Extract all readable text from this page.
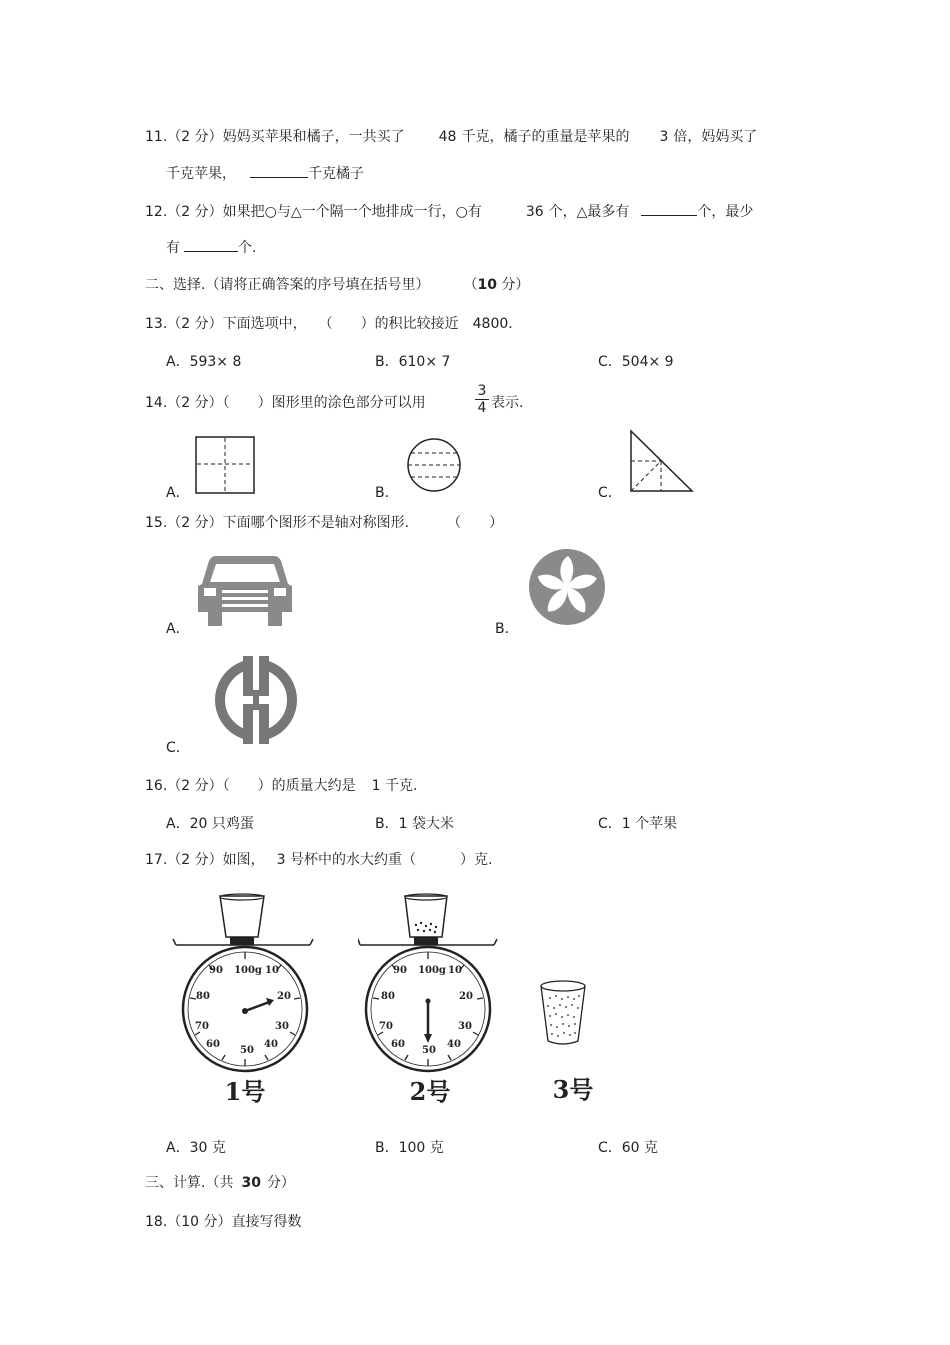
11.（2 分）妈妈买苹果和橘子，一共买了 48 千克，橘子的重量是苹果的 3 倍，妈妈买了
千克苹果，	千克橘子
12.（2 分）如果把○与△一个隔一个地排成一行，○有	36 个，△最多有	个，最少
有	个.
二、选择.（请将正确答案的序号填在括号里） （10 分）
13.（2 分）下面选项中， （　　）的积比较接近 4800.
A．593× 8	B．610× 7	C．504× 9
14.（2 分）（　　）图形里的涂色部分可以用
3
4 表示.
A．	B．	C．
15.（2 分）下面哪个图形不是轴对称图形.	（　　）
A．	B．
C．
16.（2 分）（　　）的质量大约是 1 千克.
A．20 只鸡蛋	B．1 袋大米	C．1 个苹果
17.（2 分）如图， 3 号杯中的水大约重（	）克.
100g 10
20
30
40
50
60
70
80
90
1号
100g 10
20
30
40
50
60
70
80
90
2号	3号
A．30 克	B．100 克	C．60 克
三、计算.（共 30 分）
18.（10 分）直接写得数
